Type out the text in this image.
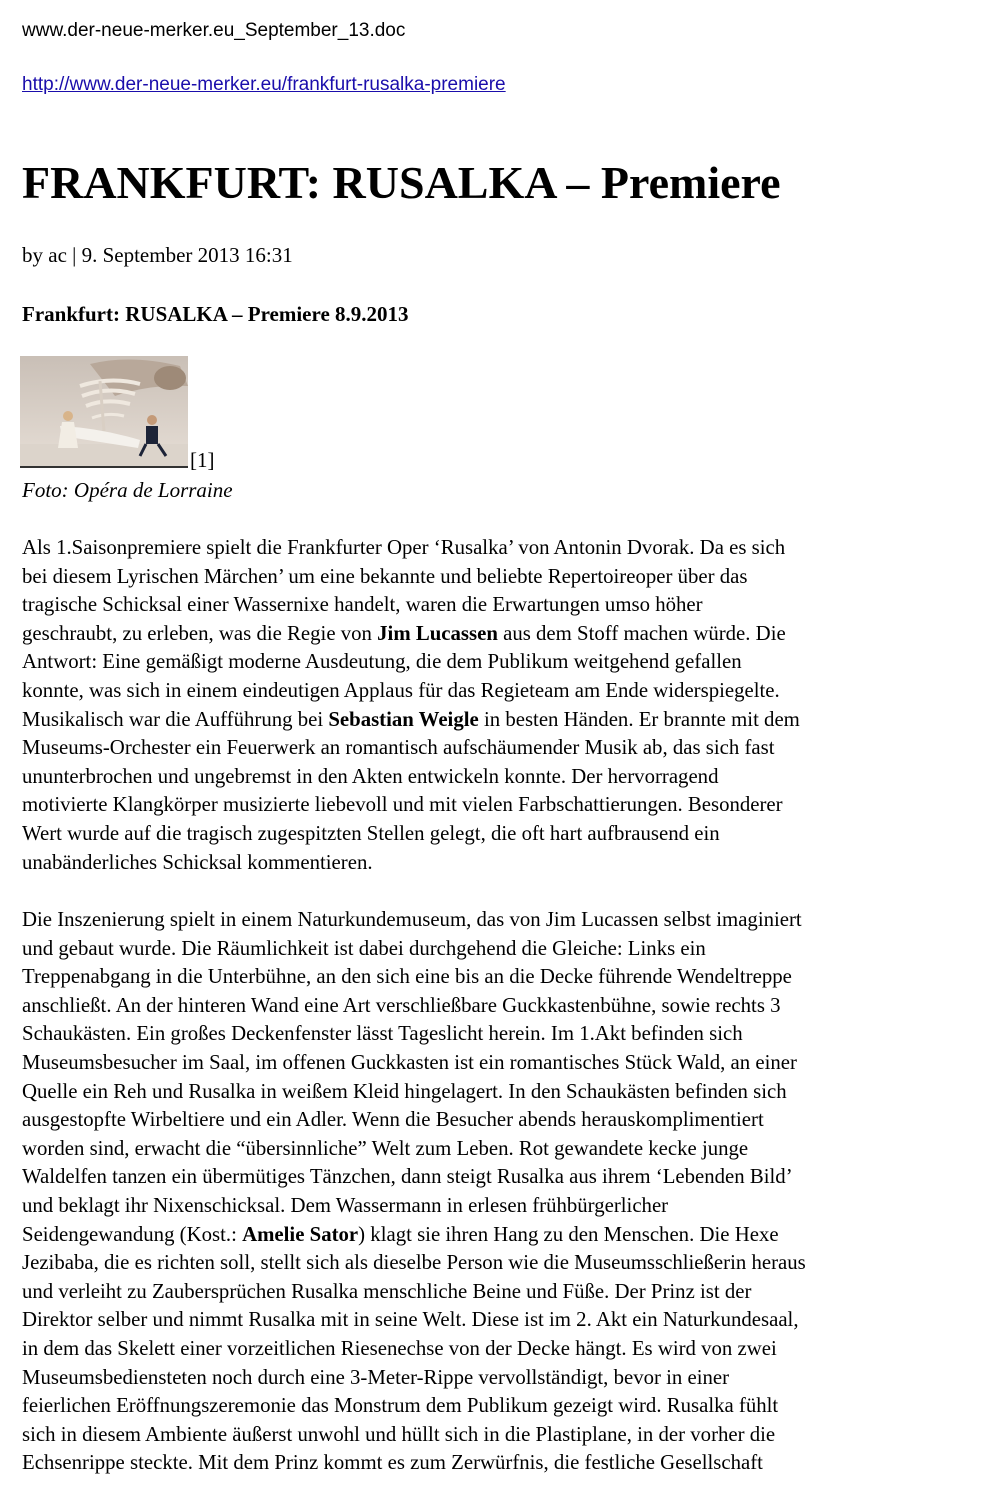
www.der-neue-merker.eu_September_13.doc
http://www.der-neue-merker.eu/frankfurt-rusalka-premiere
FRANKFURT: RUSALKA – Premiere
by ac | 9. September 2013 16:31
Frankfurt: RUSALKA – Premiere 8.9.2013
[1]
Foto: Opéra de Lorraine

Als 1.Saisonpremiere spielt die Frankfurter Oper ‘Rusalka’ von Antonin Dvorak. Da es sich
bei diesem Lyrischen Märchen’ um eine bekannte und beliebte Repertoireoper über das
tragische Schicksal einer Wassernixe handelt, waren die Erwartungen umso höher
geschraubt, zu erleben, was die Regie von Jim Lucassen aus dem Stoff machen würde. Die
Antwort: Eine gemäßigt moderne Ausdeutung, die dem Publikum weitgehend gefallen
konnte, was sich in einem eindeutigen Applaus für das Regieteam am Ende widerspiegelte.
Musikalisch war die Aufführung bei Sebastian Weigle in besten Händen. Er brannte mit dem
Museums-Orchester ein Feuerwerk an romantisch aufschäumender Musik ab, das sich fast
ununterbrochen und ungebremst in den Akten entwickeln konnte. Der hervorragend
motivierte Klangkörper musizierte liebevoll und mit vielen Farbschattierungen. Besonderer
Wert wurde auf die tragisch zugespitzten Stellen gelegt, die oft hart aufbrausend ein
unabänderliches Schicksal kommentieren.

Die Inszenierung spielt in einem Naturkundemuseum, das von Jim Lucassen selbst imaginiert
und gebaut wurde. Die Räumlichkeit ist dabei durchgehend die Gleiche: Links ein
Treppenabgang in die Unterbühne, an den sich eine bis an die Decke führende Wendeltreppe
anschließt. An der hinteren Wand eine Art verschließbare Guckkastenbühne, sowie rechts 3
Schaukästen. Ein großes Deckenfenster lässt Tageslicht herein. Im 1.Akt befinden sich
Museumsbesucher im Saal, im offenen Guckkasten ist ein romantisches Stück Wald, an einer
Quelle ein Reh und Rusalka in weißem Kleid hingelagert. In den Schaukästen befinden sich
ausgestopfte Wirbeltiere und ein Adler. Wenn die Besucher abends herauskomplimentiert
worden sind, erwacht die “übersinnliche” Welt zum Leben. Rot gewandete kecke junge
Waldelfen tanzen ein übermütiges Tänzchen, dann steigt Rusalka aus ihrem ‘Lebenden Bild’
und beklagt ihr Nixenschicksal. Dem Wassermann in erlesen frühbürgerlicher
Seidengewandung (Kost.: Amelie Sator) klagt sie ihren Hang zu den Menschen. Die Hexe
Jezibaba, die es richten soll, stellt sich als dieselbe Person wie die Museumsschließerin heraus
und verleiht zu Zaubersprüchen Rusalka menschliche Beine und Füße. Der Prinz ist der
Direktor selber und nimmt Rusalka mit in seine Welt. Diese ist im 2. Akt ein Naturkundesaal,
in dem das Skelett einer vorzeitlichen Riesenechse von der Decke hängt. Es wird von zwei
Museumsbediensteten noch durch eine 3-Meter-Rippe vervollständigt, bevor in einer
feierlichen Eröffnungszeremonie das Monstrum dem Publikum gezeigt wird. Rusalka fühlt
sich in diesem Ambiente äußerst unwohl und hüllt sich in die Plastiplane, in der vorher die
Echsenrippe steckte. Mit dem Prinz kommt es zum Zerwürfnis, die festliche Gesellschaft
